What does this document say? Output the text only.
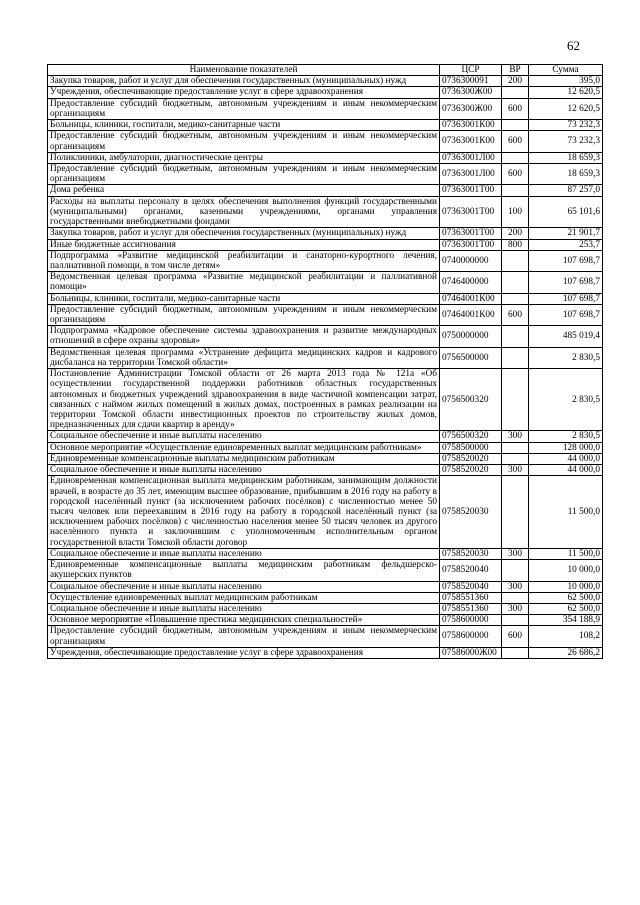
62
Наименование показателей	ЦСР	ВР	Сумма
Закупка товаров, работ и услуг для обеспечения государственных (муниципальных) нужд	0736300091	200	395,0
Учреждения, обеспечивающие предоставление услуг в сфере здравоохранения	0736300Ж00		12 620,5
Предоставление субсидий бюджетным, автономным учреждениям и иным некоммерческим организациям	0736300Ж00	600	12 620,5
Больницы, клиники, госпитали, медико-санитарные части	07363001К00		73 232,3
Предоставление субсидий бюджетным, автономным учреждениям и иным некоммерческим организациям	07363001К00	600	73 232,3
Поликлиники, амбулатории, диагностические центры	07363001Л00		18 659,3
Предоставление субсидий бюджетным, автономным учреждениям и иным некоммерческим организациям	07363001Л00	600	18 659,3
Дома ребенка	07363001Т00		87 257,0
Расходы на выплаты персоналу в целях обеспечения выполнения функций государственными (муниципальными) органами, казенными учреждениями, органами управления государственными внебюджетными фондами	07363001Т00	100	65 101,6
Закупка товаров, работ и услуг для обеспечения государственных (муниципальных) нужд	07363001Т00	200	21 901,7
Иные бюджетные ассигнования	07363001Т00	800	253,7
Подпрограмма «Развитие медицинской реабилитации и санаторно-курортного лечения, паллиативной помощи, в том числе детям»	0740000000		107 698,7
Ведомственная целевая программа «Развитие медицинской реабилитации и паллиативной помощи»	0746400000		107 698,7
Больницы, клиники, госпитали, медико-санитарные части	07464001К00		107 698,7
Предоставление субсидий бюджетным, автономным учреждениям и иным некоммерческим организациям	07464001К00	600	107 698,7
Подпрограмма «Кадровое обеспечение системы здравоохранения и развитие международных отношений в сфере охраны здоровья»	0750000000		485 019,4
Ведомственная целевая программа «Устранение дефицита медицинских кадров и кадрового дисбаланса на территории Томской области»	0756500000		2 830,5
Постановление Администрации Томской области от 26 марта 2013 года № 121а «Об осуществлении государственной поддержки работников областных государственных автономных и бюджетных учреждений здравоохранения в виде частичной компенсации затрат, связанных с наймом жилых помещений в жилых домах, построенных в рамках реализации на территории Томской области инвестиционных проектов по строительству жилых домов, предназначенных для сдачи квартир в аренду»	0756500320		2 830,5
Социальное обеспечение и иные выплаты населению	0756500320	300	2 830,5
Основное мероприятие «Осуществление единовременных выплат медицинским работникам»	0758500000		128 000,0
Единовременные компенсационные выплаты медицинским работникам	0758520020		44 000,0
Социальное обеспечение и иные выплаты населению	0758520020	300	44 000,0
Единовременная компенсационная выплата медицинским работникам, занимающим должности врачей, в возрасте до 35 лет, имеющим высшее образование, прибывшим в 2016 году на работу в городской населённый пункт (за исключением рабочих посёлков) с численностью менее 50 тысяч человек или переехавшим в 2016 году на работу в городской населённый пункт (за исключением рабочих посёлков) с численностью населения менее 50 тысяч человек из другого населённого пункта и заключившим с уполномоченным исполнительным органом государственной власти Томской области договор	0758520030		11 500,0
Социальное обеспечение и иные выплаты населению	0758520030	300	11 500,0
Единовременные компенсационные выплаты медицинским работникам фельдшерско-акушерских пунктов	0758520040		10 000,0
Социальное обеспечение и иные выплаты населению	0758520040	300	10 000,0
Осуществление единовременных выплат медицинским работникам	0758551360		62 500,0
Социальное обеспечение и иные выплаты населению	0758551360	300	62 500,0
Основное мероприятие «Повышение престижа медицинских специальностей»	0758600000		354 188,9
Предоставление субсидий бюджетным, автономным учреждениям и иным некоммерческим организациям	0758600000	600	108,2
Учреждения, обеспечивающие предоставление услуг в сфере здравоохранения	07586000Ж00		26 686,2
